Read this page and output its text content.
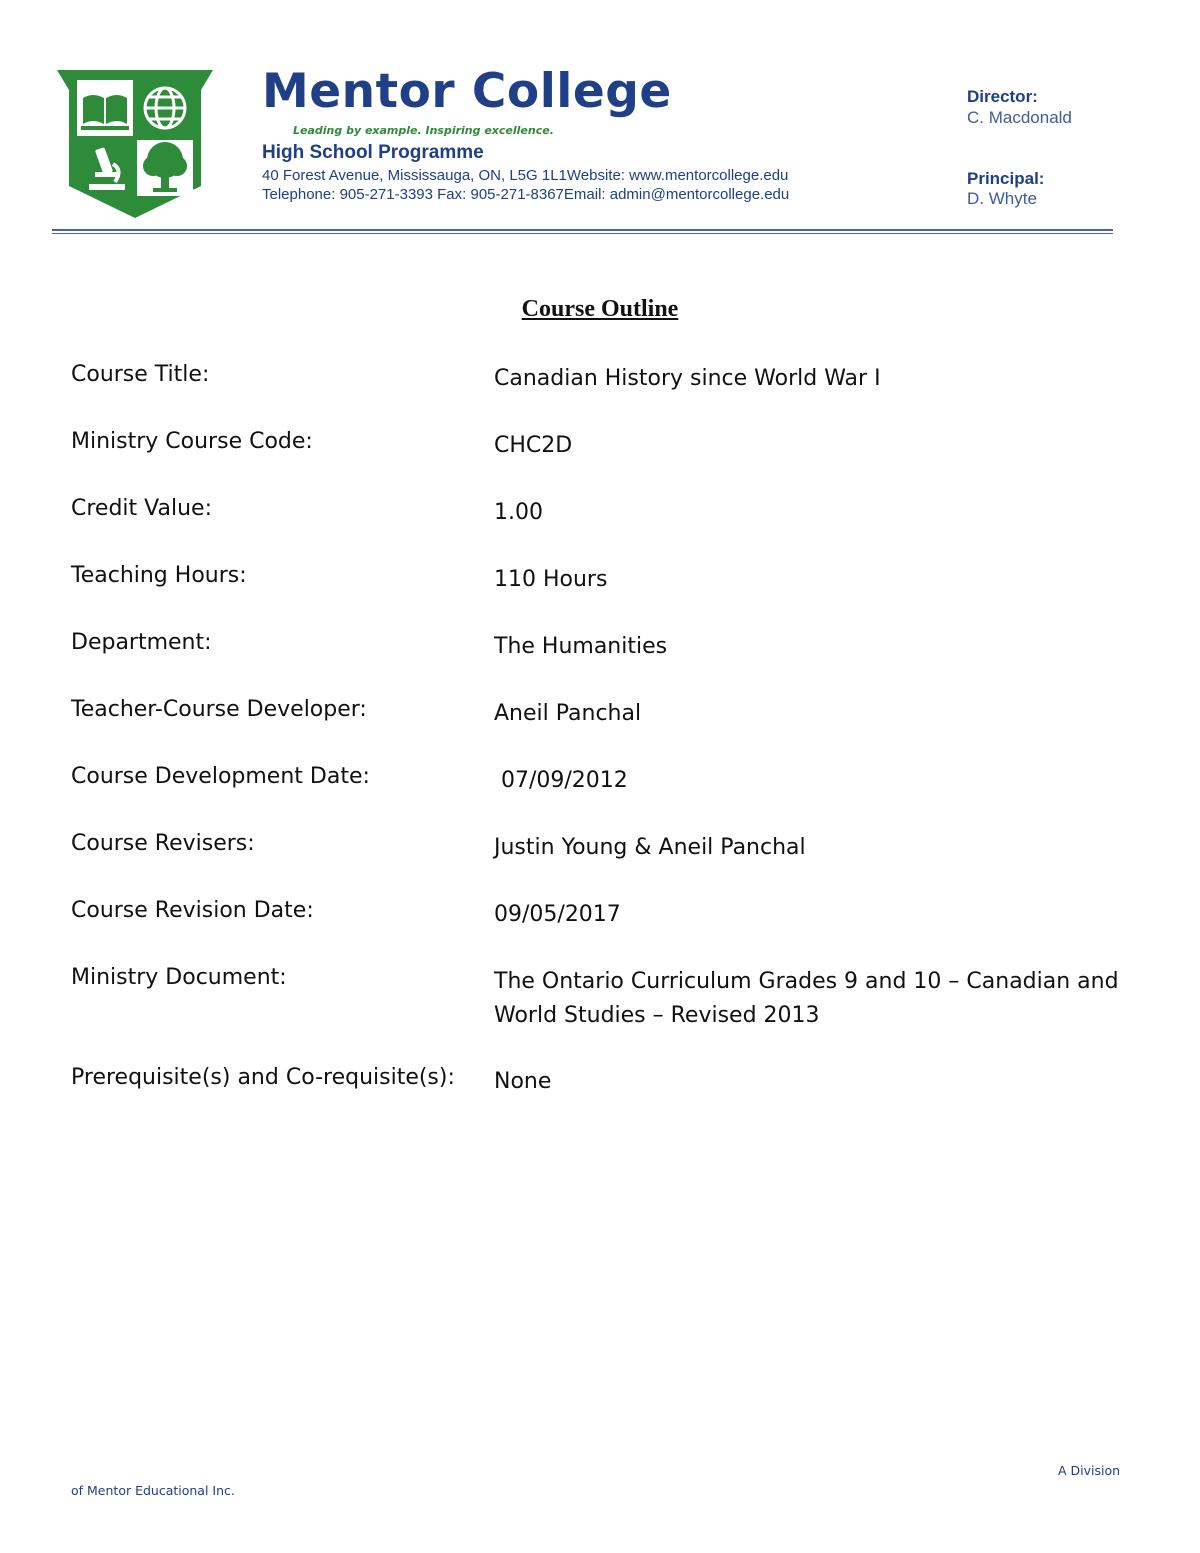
Mentor College
Leading by example. Inspiring excellence.
High School Programme
40 Forest Avenue, Mississauga, ON, L5G 1L1Website: www.mentorcollege.edu
Telephone: 905-271-3393 Fax: 905-271-8367Email: admin@mentorcollege.edu
Director:
C. Macdonald
Principal:
D. Whyte
Course Outline
Course Title:	Canadian History since World War I
Ministry Course Code:	CHC2D
Credit Value:	1.00
Teaching Hours:	110 Hours
Department:	The Humanities
Teacher-Course Developer:	Aneil Panchal
Course Development Date:	07/09/2012
Course Revisers:	Justin Young & Aneil Panchal
Course Revision Date:	09/05/2017
Ministry Document:	The Ontario Curriculum Grades 9 and 10 – Canadian and World Studies – Revised 2013
Prerequisite(s) and Co-requisite(s): None
A Division
of Mentor Educational Inc.
